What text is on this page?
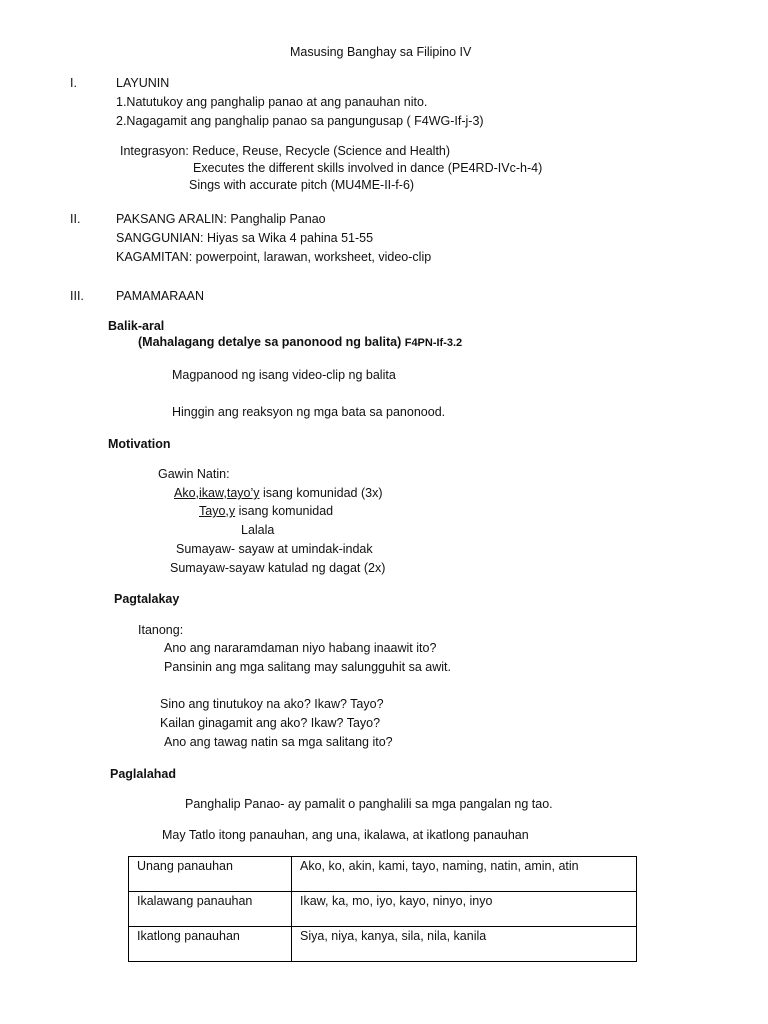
Masusing Banghay sa Filipino IV
I.	LAYUNIN
1.Natutukoy ang panghalip panao at ang panauhan nito.
2.Nagagamit ang panghalip panao sa pangungusap ( F4WG-If-j-3)
Integrasyon: Reduce, Reuse, Recycle (Science and Health)
Executes the different skills involved in dance (PE4RD-IVc-h-4)
Sings with accurate pitch (MU4ME-II-f-6)
II.	PAKSANG ARALIN: Panghalip Panao
SANGGUNIAN: Hiyas sa Wika 4 pahina 51-55
KAGAMITAN: powerpoint, larawan, worksheet, video-clip
III.	PAMAMARAAN
Balik-aral
(Mahalagang detalye sa panonood ng balita) F4PN-If-3.2
Magpanood ng isang video-clip ng balita
Hinggin ang reaksyon ng mga bata sa panonood.
Motivation
Gawin Natin:
Ako,ikaw,tayo’y isang komunidad (3x)
Tayo,y isang komunidad
Lalala
Sumayaw- sayaw at umindak-indak
Sumayaw-sayaw katulad ng dagat (2x)
Pagtalakay
Itanong:
Ano ang nararamdaman niyo habang inaawit ito?
Pansinin ang mga salitang may salungguhit sa awit.
Sino ang tinutukoy na ako? Ikaw? Tayo?
Kailan ginagamit ang ako? Ikaw? Tayo?
Ano ang tawag natin sa mga salitang ito?
Paglalahad
Panghalip Panao- ay pamalit o panghalili sa mga pangalan ng tao.
May Tatlo itong panauhan, ang una, ikalawa, at ikatlong panauhan
Unang panauhan	Ako, ko, akin, kami, tayo, naming, natin, amin, atin
Ikalawang panauhan	Ikaw, ka, mo, iyo, kayo, ninyo, inyo
Ikatlong panauhan	Siya, niya, kanya, sila, nila, kanila
